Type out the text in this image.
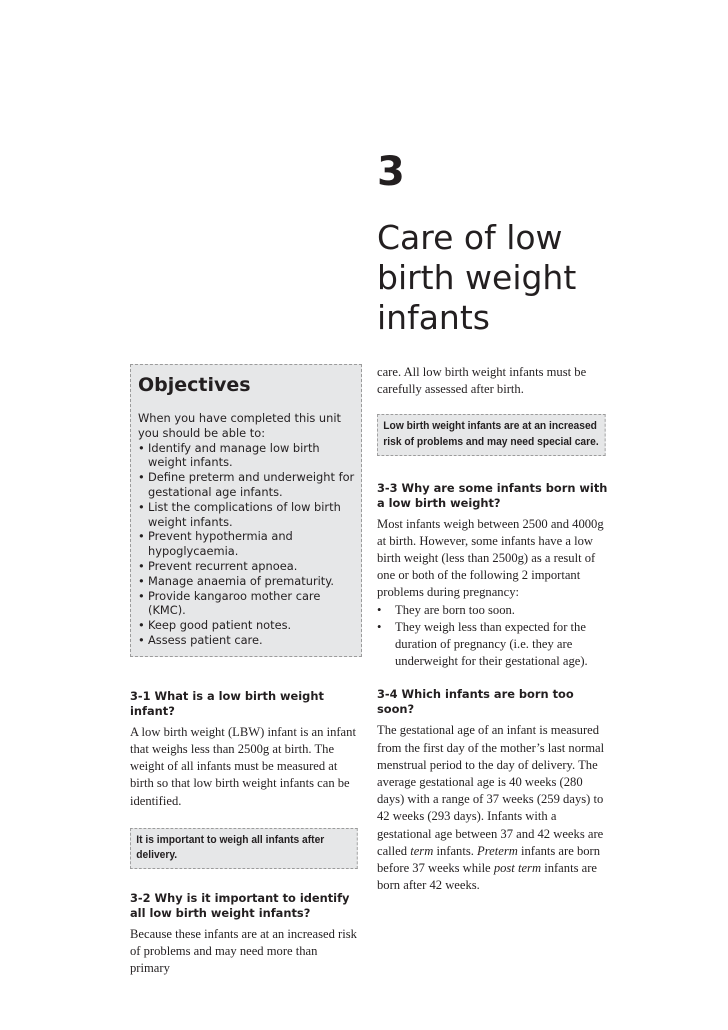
3
Care of low
birth weight
infants
Objectives

When you have completed this unit you should be able to:

• Identify and manage low birth weight infants.
• Define preterm and underweight for gestational age infants.
• List the complications of low birth weight infants.
• Prevent hypothermia and hypoglycaemia.
• Prevent recurrent apnoea.
• Manage anaemia of prematurity.
• Provide kangaroo mother care (KMC).
• Keep good patient notes.
• Assess patient care.
3-1 What is a low birth weight infant?

A low birth weight (LBW) infant is an infant that weighs less than 2500g at birth. The weight of all infants must be measured at birth so that low birth weight infants can be identified.

It is important to weigh all infants after delivery.
3-2 Why is it important to identify all low birth weight infants?

Because these infants are at an increased risk of problems and may need more than primary

care. All low birth weight infants must be carefully assessed after birth.

Low birth weight infants are at an increased risk of problems and may need special care.
3-3 Why are some infants born with a low birth weight?

Most infants weigh between 2500 and 4000g at birth. However, some infants have a low birth weight (less than 2500g) as a result of one or both of the following 2 important problems during pregnancy:

• They are born too soon.
• They weigh less than expected for the duration of pregnancy (i.e. they are underweight for their gestational age).
3-4 Which infants are born too soon?

The gestational age of an infant is measured from the first day of the mother’s last normal menstrual period to the day of delivery. The average gestational age is 40 weeks (280 days) with a range of 37 weeks (259 days) to 42 weeks (293 days). Infants with a gestational age between 37 and 42 weeks are called term infants. Preterm infants are born before 37 weeks while post term infants are born after 42 weeks.
